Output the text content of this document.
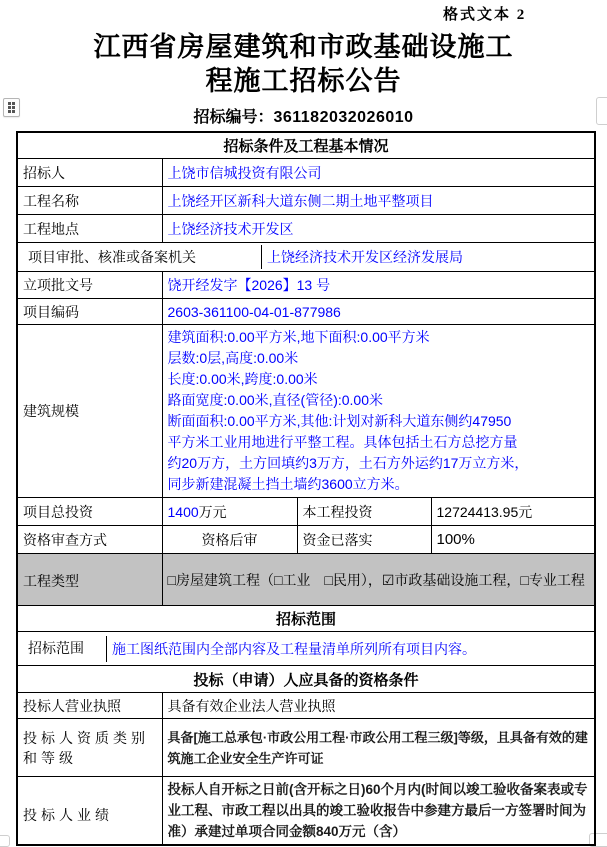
格式文本 2
江西省房屋建筑和市政基础设施工
程施工招标公告
招标编号：361182032026010
招标条件及工程基本情况			
招标人	上饶市信城投资有限公司		
工程名称	上饶经开区新科大道东侧二期土地平整项目		
工程地点	上饶经济技术开发区		

项目审批、核准或备案机关 上饶经济技术开发区经济发展局			

立项批文号	饶开经发字【2026】13 号		
项目编码	2603-361100-04-01-877986		
建筑规模	
建筑面积:0.00平方米,地下面积:0.00平方米
层数:0层,高度:0.00米
长度:0.00米,跨度:0.00米
路面宽度:0.00米,直径(管径):0.00米
断面面积:0.00平方米,其他:计划对新科大道东侧约47950
平方米工业用地进行平整工程。具体包括土石方总挖方量
约20万方，土方回填约3万方，土石方外运约17万立方米，
同步新建混凝土挡土墙约3600立方米。

项目总投资	1400万元	本工程投资	12724413.95元
资格审查方式	资格后审	资金已落实	100%
工程类型	□房屋建筑工程（□工业　□民用），☑市政基础设施工程，□专业工程		
招标范围			

招标范围 施工图纸范围内全部内容及工程量清单所列所有项目内容。			

投标（申请）人应具备的资格条件			
投标人营业执照	具备有效企业法人营业执照		
投标人资质类别和等级	具备[施工总承包·市政公用工程·市政公用工程三级]等级，且具备有效的建筑施工企业安全生产许可证		
投标人业绩	投标人自开标之日前(含开标之日)60个月内(时间以竣工验收备案表或专业工程、市政工程以出具的竣工验收报告中参建方最后一方签署时间为准）承建过单项合同金额840万元（含）		
